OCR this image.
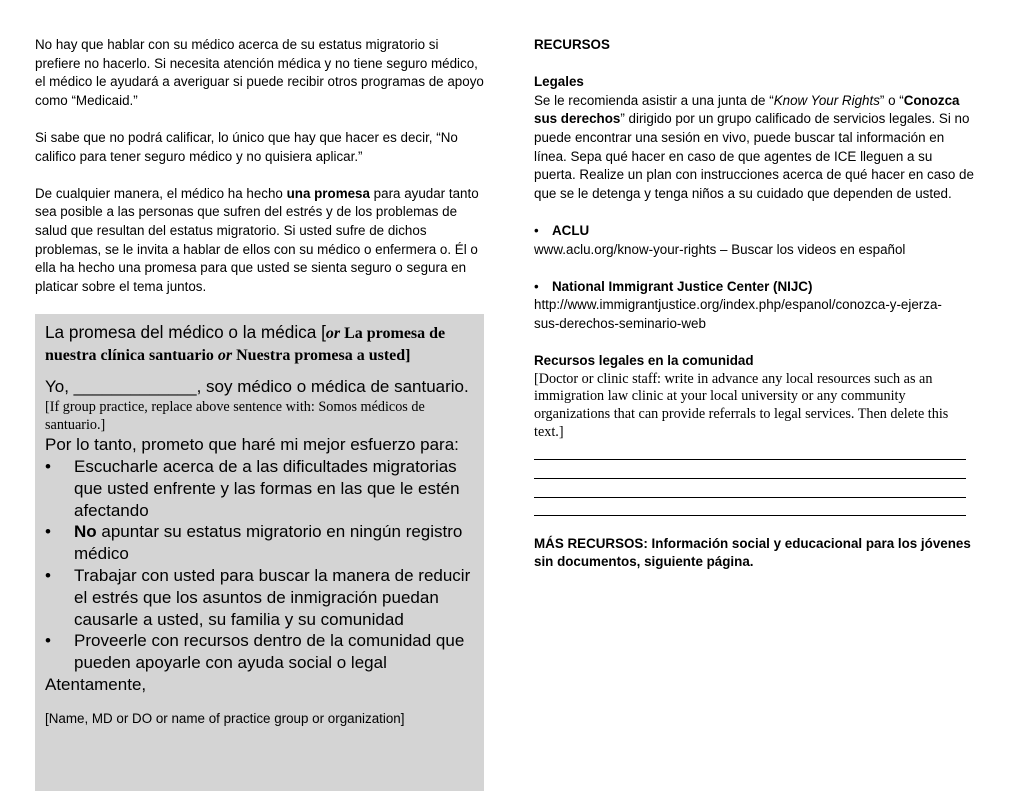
No hay que hablar con su médico acerca de su estatus migratorio si prefiere no hacerlo. Si necesita atención médica y no tiene seguro médico, el médico le ayudará a averiguar si puede recibir otros programas de apoyo como “Medicaid.”

Si sabe que no podrá calificar, lo único que hay que hacer es decir, “No califico para tener seguro médico y no quisiera aplicar.”

De cualquier manera, el médico ha hecho una promesa para ayudar tanto sea posible a las personas que sufren del estrés y de los problemas de salud que resultan del estatus migratorio. Si usted sufre de dichos problemas, se le invita a hablar de ellos con su médico o enfermera o. Él o ella ha hecho una promesa para que usted se sienta seguro o segura en platicar sobre el tema juntos.

La promesa del médico o la médica [or La promesa de nuestra clínica santuario or Nuestra promesa a usted]

Yo, _____________, soy médico o médica de santuario.

[If group practice, replace above sentence with: Somos médicos de santuario.]

Por lo tanto, prometo que haré mi mejor esfuerzo para:

• Escucharle acerca de a las dificultades migratorias que usted enfrente y las formas en las que le estén afectando
• No apuntar su estatus migratorio en ningún registro médico
• Trabajar con usted para buscar la manera de reducir el estrés que los asuntos de inmigración puedan causarle a usted, su familia y su comunidad
• Proveerle con recursos dentro de la comunidad que pueden apoyarle con ayuda social o legal

Atentamente,

[Name, MD or DO or name of practice group or organization]

RECURSOS

Legales

Se le recomienda asistir a una junta de “Know Your Rights” o “Conozca sus derechos” dirigido por un grupo calificado de servicios legales. Si no puede encontrar una sesión en vivo, puede buscar tal información en línea. Sepa qué hacer en caso de que agentes de ICE lleguen a su puerta. Realize un plan con instrucciones acerca de qué hacer en caso de que se le detenga y tenga niños a su cuidado que dependen de usted.

• ACLU

www.aclu.org/know-your-rights – Buscar los videos en español

• National Immigrant Justice Center (NIJC)

http://www.immigrantjustice.org/index.php/espanol/conozca-y-ejerza-sus-derechos-seminario-web

Recursos legales en la comunidad

[Doctor or clinic staff: write in advance any local resources such as an immigration law clinic at your local university or any community organizations that can provide referrals to legal services. Then delete this text.]

MÁS RECURSOS: Información social y educacional para los jóvenes sin documentos, siguiente página.
